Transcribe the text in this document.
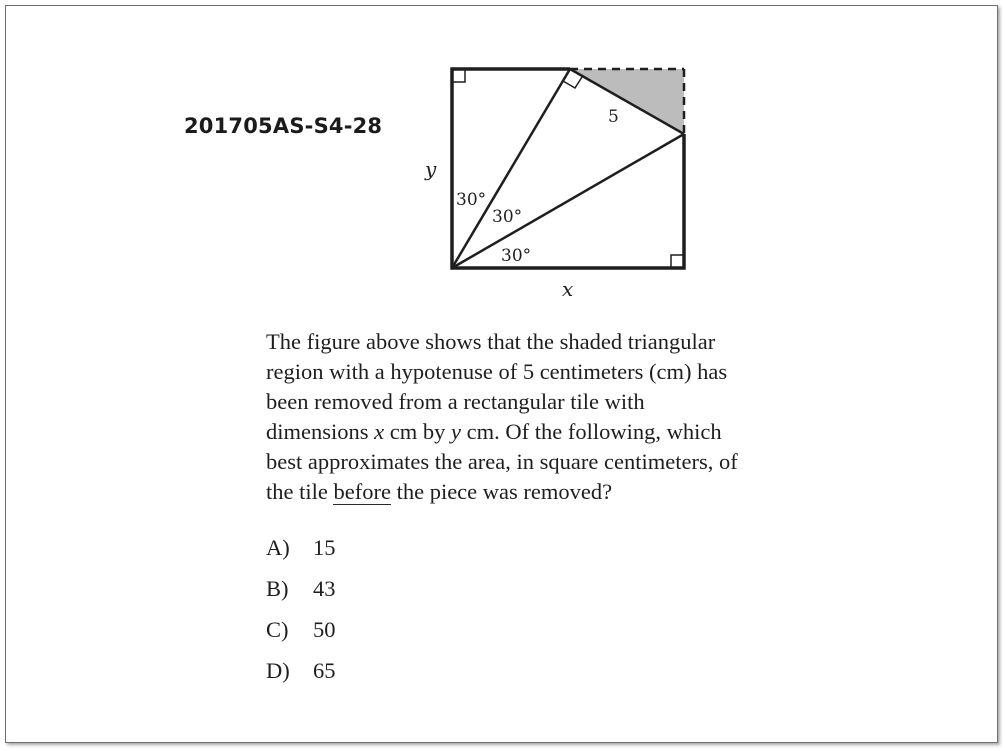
201705AS-S4-28
y
x
5
30°
30°
30°
The figure above shows that the shaded triangular
region with a hypotenuse of 5 centimeters (cm) has
been removed from a rectangular tile with
dimensions x cm by y cm. Of the following, which
best approximates the area, in square centimeters, of
the tile before the piece was removed?
A) 15
B) 43
C) 50
D) 65
